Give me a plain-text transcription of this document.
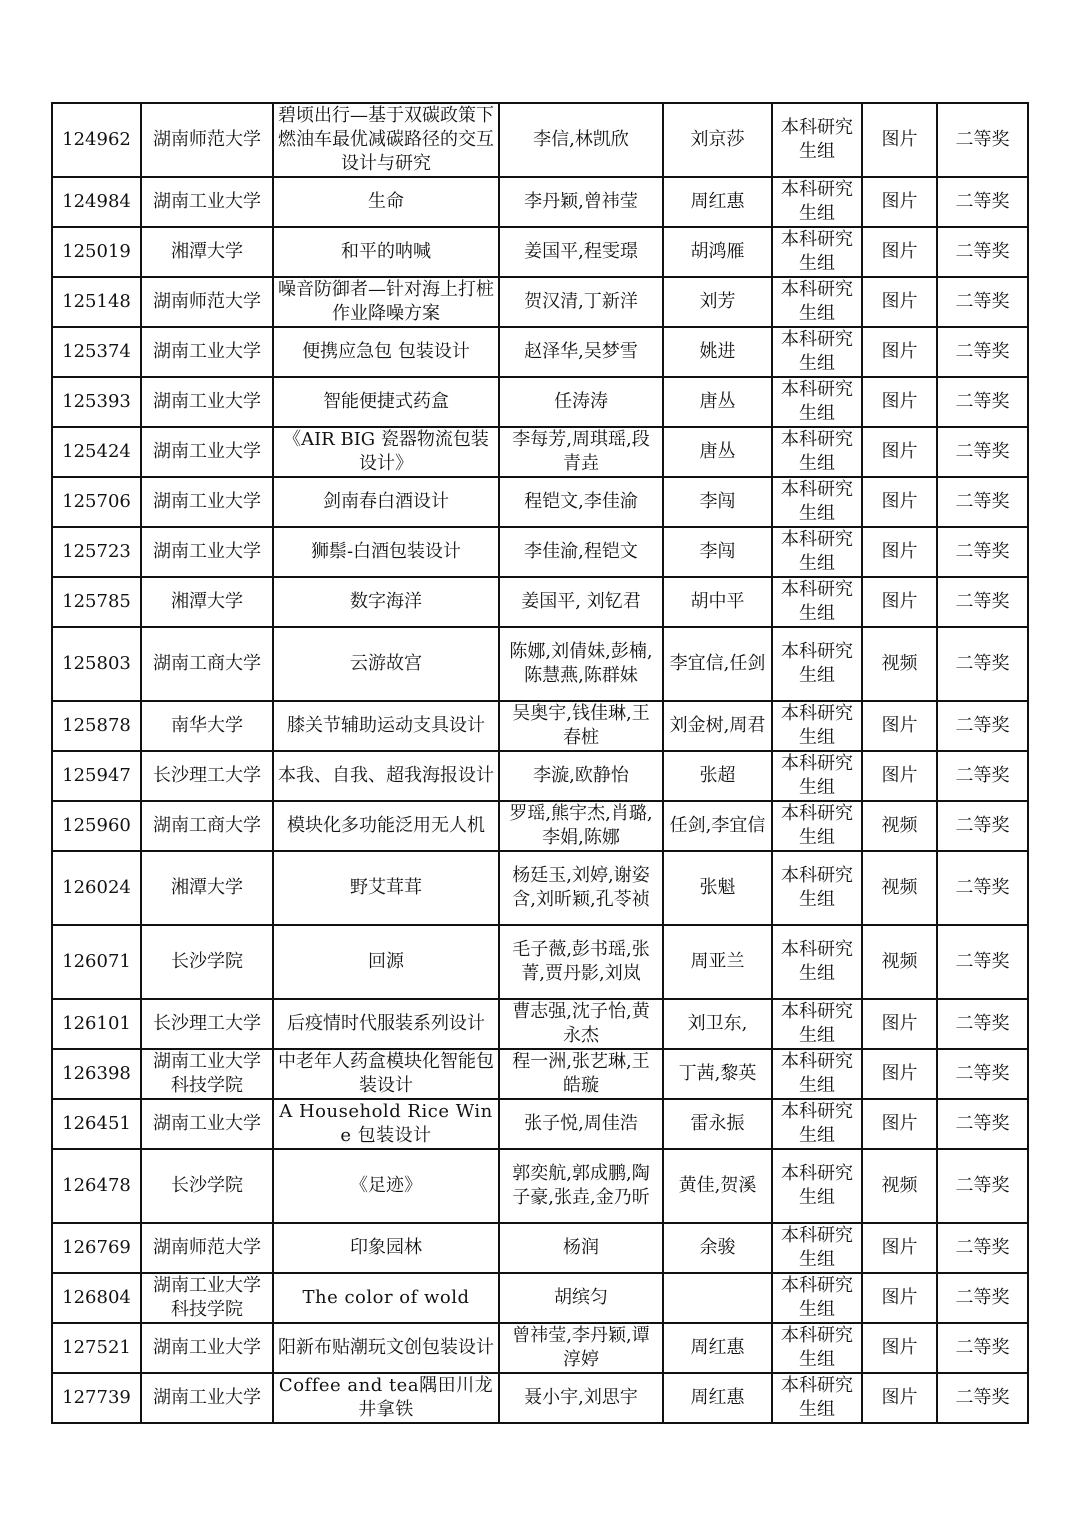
124962	湖南师范大学	碧顷出行—基于双碳政策下燃油车最优减碳路径的交互设计与研究	李信,林凯欣	刘京莎	本科研究生组	图片	二等奖
124984	湖南工业大学	生命	李丹颖,曾祎莹	周红惠	本科研究生组	图片	二等奖
125019	湘潭大学	和平的呐喊	姜国平,程雯璟	胡鸿雁	本科研究生组	图片	二等奖
125148	湖南师范大学	噪音防御者—针对海上打桩作业降噪方案	贺汉清,丁新洋	刘芳	本科研究生组	图片	二等奖
125374	湖南工业大学	便携应急包 包装设计	赵泽华,吴梦雪	姚进	本科研究生组	图片	二等奖
125393	湖南工业大学	智能便捷式药盒	任涛涛	唐丛	本科研究生组	图片	二等奖
125424	湖南工业大学	《AIR BIG 瓷器物流包装设计》	李每芳,周琪瑶,段青垚	唐丛	本科研究生组	图片	二等奖
125706	湖南工业大学	剑南春白酒设计	程铠文,李佳渝	李闯	本科研究生组	图片	二等奖
125723	湖南工业大学	狮鬃-白酒包装设计	李佳渝,程铠文	李闯	本科研究生组	图片	二等奖
125785	湘潭大学	数字海洋	姜国平, 刘钇君	胡中平	本科研究生组	图片	二等奖
125803	湖南工商大学	云游故宫	陈娜,刘倩妹,彭楠,陈慧燕,陈群妹	李宜信,任剑	本科研究生组	视频	二等奖
125878	南华大学	膝关节辅助运动支具设计	吴奥宇,钱佳琳,王春桩	刘金树,周君	本科研究生组	图片	二等奖
125947	长沙理工大学	本我、自我、超我海报设计	李漩,欧静怡	张超	本科研究生组	图片	二等奖
125960	湖南工商大学	模块化多功能泛用无人机	罗瑶,熊宇杰,肖璐,李娟,陈娜	任剑,李宜信	本科研究生组	视频	二等奖
126024	湘潭大学	野艾茸茸	杨廷玉,刘婷,谢姿含,刘昕颖,孔苓祯	张魁	本科研究生组	视频	二等奖
126071	长沙学院	回源	毛子薇,彭书瑶,张菁,贾丹影,刘岚	周亚兰	本科研究生组	视频	二等奖
126101	长沙理工大学	后疫情时代服装系列设计	曹志强,沈子怡,黄永杰	刘卫东,	本科研究生组	图片	二等奖
126398	湖南工业大学科技学院	中老年人药盒模块化智能包装设计	程一洲,张艺琳,王皓璇	丁茜,黎英	本科研究生组	图片	二等奖
126451	湖南工业大学	A Household Rice Wine 包装设计	张子悦,周佳浩	雷永振	本科研究生组	图片	二等奖
126478	长沙学院	《足迹》	郭奕航,郭成鹏,陶子豪,张垚,金乃昕	黄佳,贺溪	本科研究生组	视频	二等奖
126769	湖南师范大学	印象园林	杨润	余骏	本科研究生组	图片	二等奖
126804	湖南工业大学科技学院	The color of wold	胡缤匀		本科研究生组	图片	二等奖
127521	湖南工业大学	阳新布贴潮玩文创包装设计	曾祎莹,李丹颖,谭淳婷	周红惠	本科研究生组	图片	二等奖
127739	湖南工业大学	Coffee and tea隅田川龙井拿铁	聂小宇,刘思宇	周红惠	本科研究生组	图片	二等奖
